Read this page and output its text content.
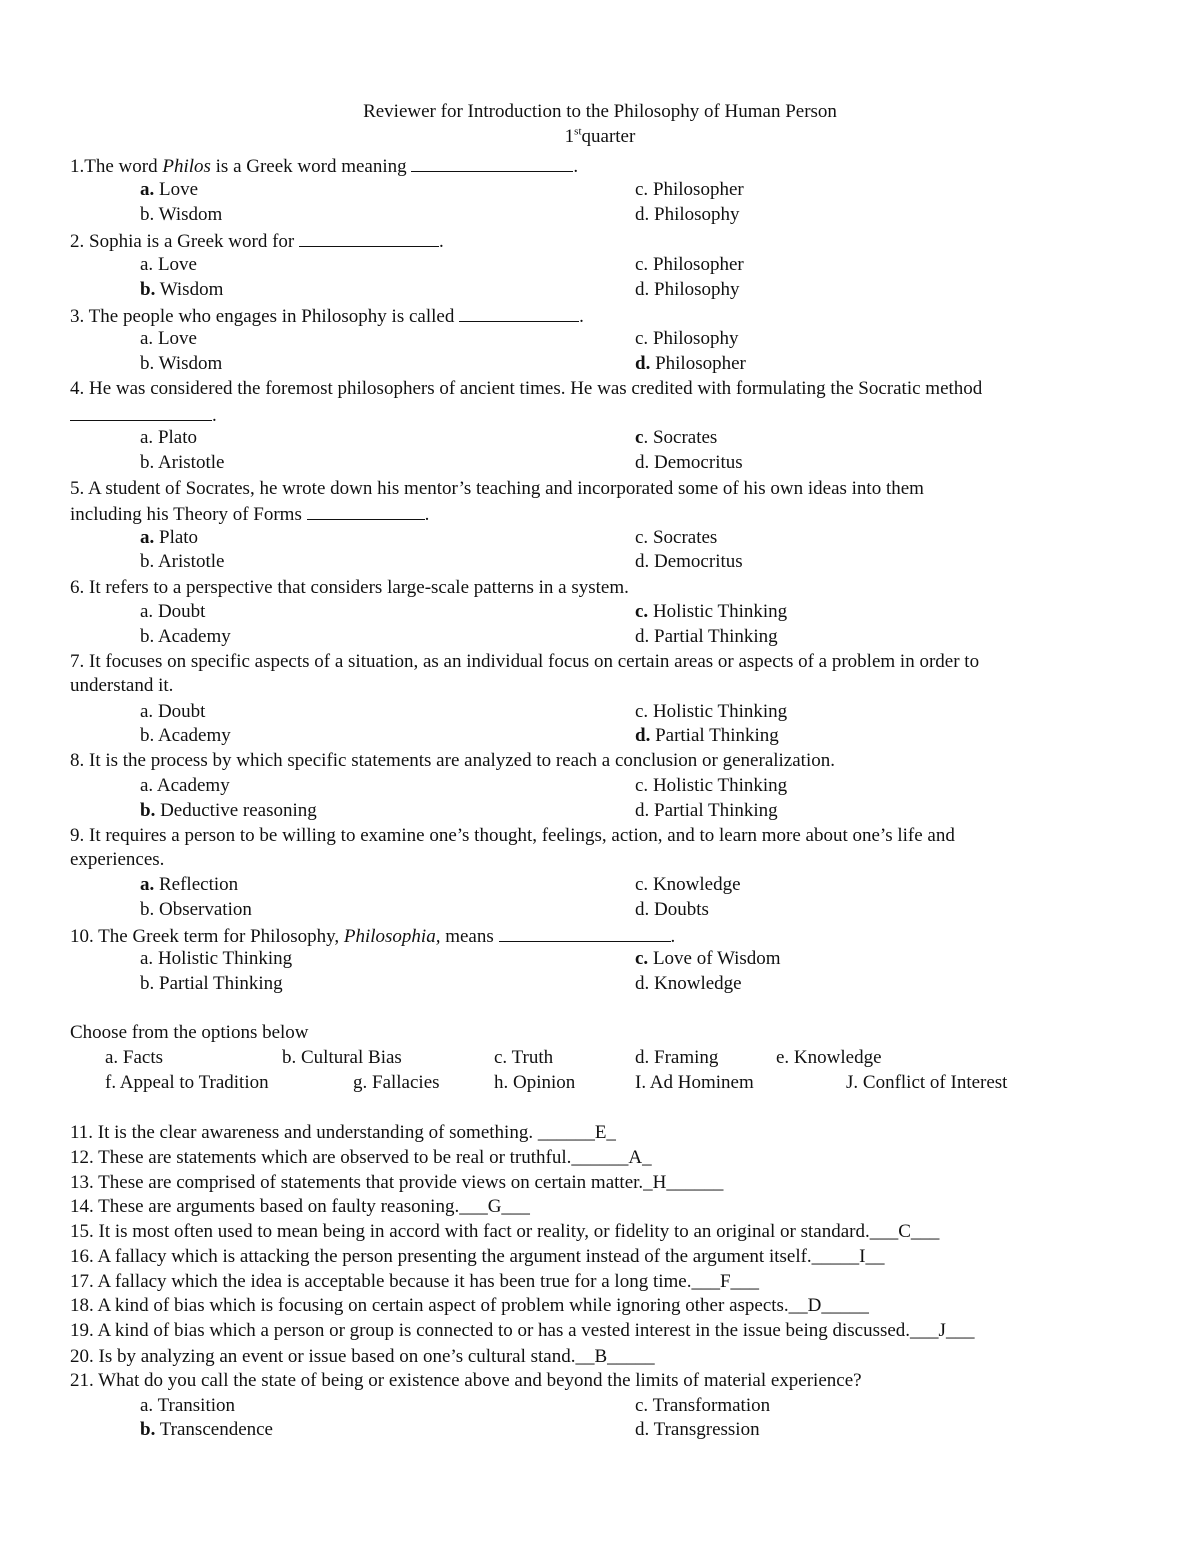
Reviewer for Introduction to the Philosophy of Human Person
1stquarter
1.The word Philos is a Greek word meaning	.
a. Love	c. Philosopher
b. Wisdom	d. Philosophy
2. Sophia is a Greek word for	.
a. Love	c. Philosopher
b. Wisdom	d. Philosophy
3. The people who engages in Philosophy is called	.
a. Love	c. Philosophy
b. Wisdom	d. Philosopher
4. He was considered the foremost philosophers of ancient times. He was credited with formulating the Socratic method
.
a. Plato	c. Socrates
b. Aristotle	d. Democritus
5. A student of Socrates, he wrote down his mentor’s teaching and incorporated some of his own ideas into them
including his Theory of Forms	.
a. Plato	c. Socrates
b. Aristotle	d. Democritus
6. It refers to a perspective that considers large-scale patterns in a system.
a. Doubt	c. Holistic Thinking
b. Academy	d. Partial Thinking
7. It focuses on specific aspects of a situation, as an individual focus on certain areas or aspects of a problem in order to
understand it.
a. Doubt	c. Holistic Thinking
b. Academy	d. Partial Thinking
8. It is the process by which specific statements are analyzed to reach a conclusion or generalization.
a. Academy	c. Holistic Thinking
b. Deductive reasoning	d. Partial Thinking
9. It requires a person to be willing to examine one’s thought, feelings, action, and to learn more about one’s life and
experiences.
a. Reflection	c. Knowledge
b. Observation	d. Doubts
10. The Greek term for Philosophy, Philosophia, means	.
a. Holistic Thinking	c. Love of Wisdom
b. Partial Thinking	d. Knowledge
Choose from the options below
a. Facts	b. Cultural Bias	c. Truth	d. Framing	e. Knowledge
f. Appeal to Tradition	g. Fallacies	h. Opinion	I. Ad Hominem	J. Conflict of Interest
11. It is the clear awareness and understanding of something. ______E_
12. These are statements which are observed to be real or truthful.______A_
13. These are comprised of statements that provide views on certain matter._H______
14. These are arguments based on faulty reasoning.___G___
15. It is most often used to mean being in accord with fact or reality, or fidelity to an original or standard.___C___
16. A fallacy which is attacking the person presenting the argument instead of the argument itself._____I__
17. A fallacy which the idea is acceptable because it has been true for a long time.___F___
18. A kind of bias which is focusing on certain aspect of problem while ignoring other aspects.__D_____
19. A kind of bias which a person or group is connected to or has a vested interest in the issue being discussed.___J___
20. Is by analyzing an event or issue based on one’s cultural stand.__B_____
21. What do you call the state of being or existence above and beyond the limits of material experience?
a. Transition	c. Transformation
b. Transcendence	d. Transgression
